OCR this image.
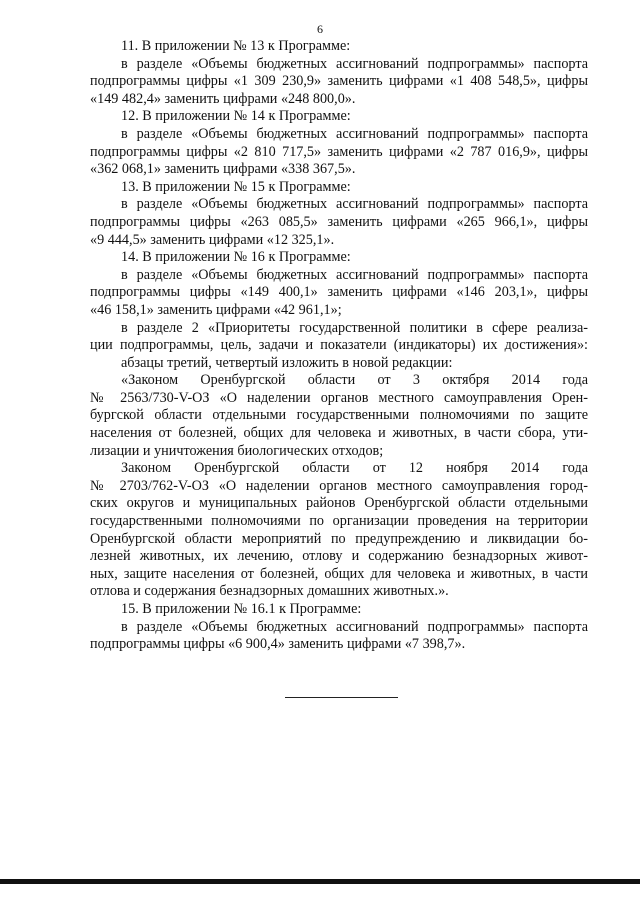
6
11. В приложении № 13 к Программе:
в разделе «Объемы бюджетных ассигнований подпрограммы» паспорта
подпрограммы цифры «1 309 230,9» заменить цифрами «1 408 548,5», цифры
«149 482,4» заменить цифрами «248 800,0».
12. В приложении № 14 к Программе:
в разделе «Объемы бюджетных ассигнований подпрограммы» паспорта
подпрограммы цифры «2 810 717,5» заменить цифрами «2 787 016,9», цифры
«362 068,1» заменить цифрами «338 367,5».
13. В приложении № 15 к Программе:
в разделе «Объемы бюджетных ассигнований подпрограммы» паспорта
подпрограммы цифры «263 085,5» заменить цифрами «265 966,1», цифры
«9 444,5» заменить цифрами «12 325,1».
14. В приложении № 16 к Программе:
в разделе «Объемы бюджетных ассигнований подпрограммы» паспорта
подпрограммы цифры «149 400,1» заменить цифрами «146 203,1», цифры
«46 158,1» заменить цифрами «42 961,1»;
в разделе 2 «Приоритеты государственной политики в сфере реализа-
ции подпрограммы, цель, задачи и показатели (индикаторы) их достижения»:
абзацы третий, четвертый изложить в новой редакции:
«Законом Оренбургской области от 3 октября 2014 года
№ 2563/730-V-ОЗ «О наделении органов местного самоуправления Орен-
бургской области отдельными государственными полномочиями по защите
населения от болезней, общих для человека и животных, в части сбора, ути-
лизации и уничтожения биологических отходов;
Законом Оренбургской области от 12 ноября 2014 года
№ 2703/762-V-ОЗ «О наделении органов местного самоуправления город-
ских округов и муниципальных районов Оренбургской области отдельными
государственными полномочиями по организации проведения на территории
Оренбургской области мероприятий по предупреждению и ликвидации бо-
лезней животных, их лечению, отлову и содержанию безнадзорных живот-
ных, защите населения от болезней, общих для человека и животных, в части
отлова и содержания безнадзорных домашних животных.».
15. В приложении № 16.1 к Программе:
в разделе «Объемы бюджетных ассигнований подпрограммы» паспорта
подпрограммы цифры «6 900,4» заменить цифрами «7 398,7».
